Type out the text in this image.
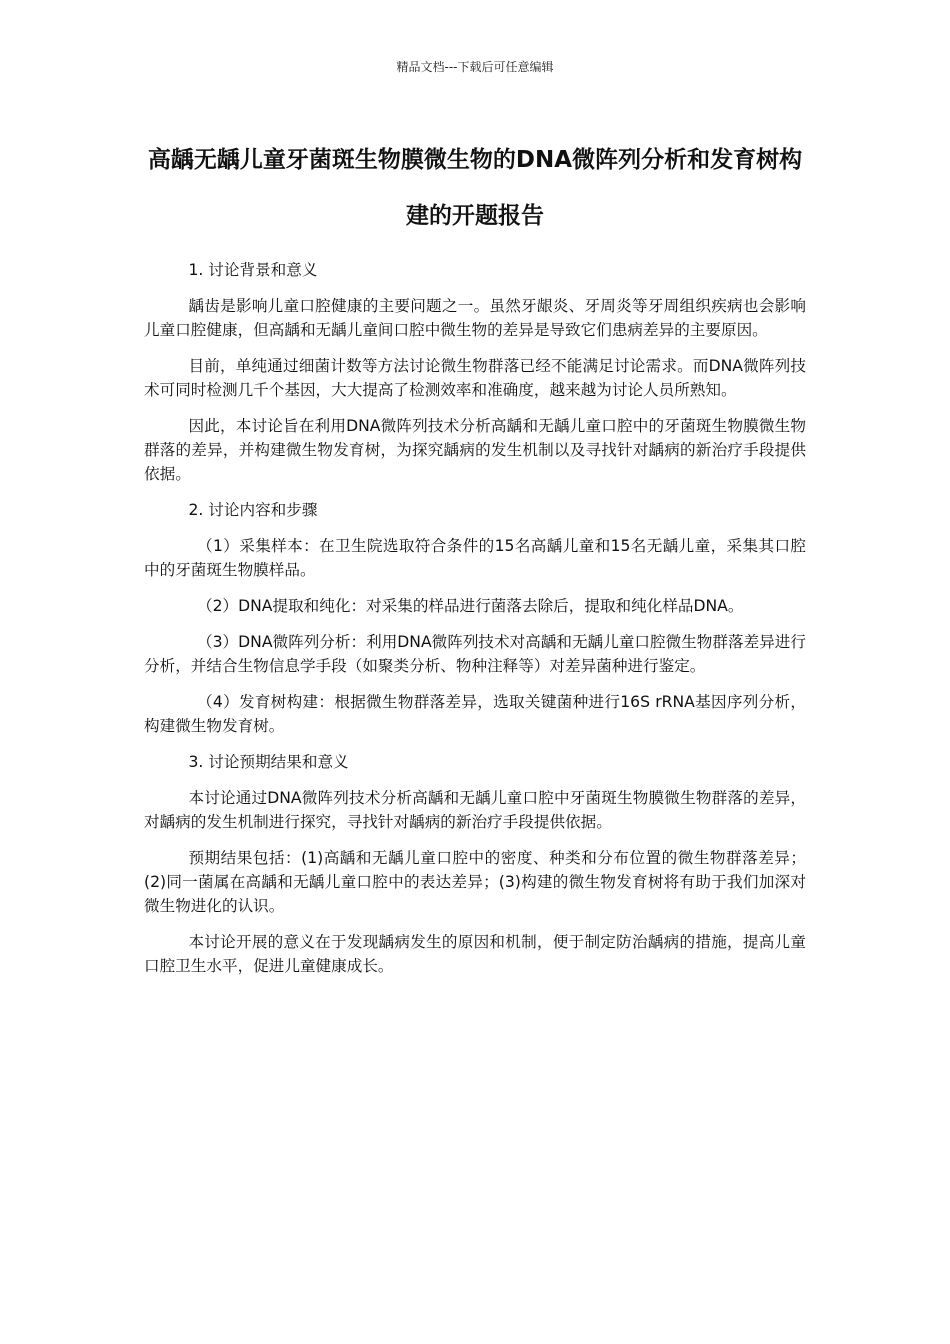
精品文档---下载后可任意编辑
高龋无龋儿童牙菌斑生物膜微生物的DNA微阵列分析和发育树构建的开题报告

1. 讨论背景和意义

龋齿是影响儿童口腔健康的主要问题之一。虽然牙龈炎、牙周炎等牙周组织疾病也会影响儿童口腔健康，但高龋和无龋儿童间口腔中微生物的差异是导致它们患病差异的主要原因。

目前，单纯通过细菌计数等方法讨论微生物群落已经不能满足讨论需求。而DNA微阵列技术可同时检测几千个基因，大大提高了检测效率和准确度，越来越为讨论人员所熟知。

因此，本讨论旨在利用DNA微阵列技术分析高龋和无龋儿童口腔中的牙菌斑生物膜微生物群落的差异，并构建微生物发育树，为探究龋病的发生机制以及寻找针对龋病的新治疗手段提供依据。

2. 讨论内容和步骤

（1）采集样本：在卫生院选取符合条件的15名高龋儿童和15名无龋儿童，采集其口腔中的牙菌斑生物膜样品。

（2）DNA提取和纯化：对采集的样品进行菌落去除后，提取和纯化样品DNA。

（3）DNA微阵列分析：利用DNA微阵列技术对高龋和无龋儿童口腔微生物群落差异进行分析，并结合生物信息学手段（如聚类分析、物种注释等）对差异菌种进行鉴定。

（4）发育树构建：根据微生物群落差异，选取关键菌种进行16S rRNA基因序列分析，构建微生物发育树。

3. 讨论预期结果和意义

本讨论通过DNA微阵列技术分析高龋和无龋儿童口腔中牙菌斑生物膜微生物群落的差异，对龋病的发生机制进行探究，寻找针对龋病的新治疗手段提供依据。

预期结果包括：(1)高龋和无龋儿童口腔中的密度、种类和分布位置的微生物群落差异；(2)同一菌属在高龋和无龋儿童口腔中的表达差异；(3)构建的微生物发育树将有助于我们加深对微生物进化的认识。

本讨论开展的意义在于发现龋病发生的原因和机制，便于制定防治龋病的措施，提高儿童口腔卫生水平，促进儿童健康成长。
